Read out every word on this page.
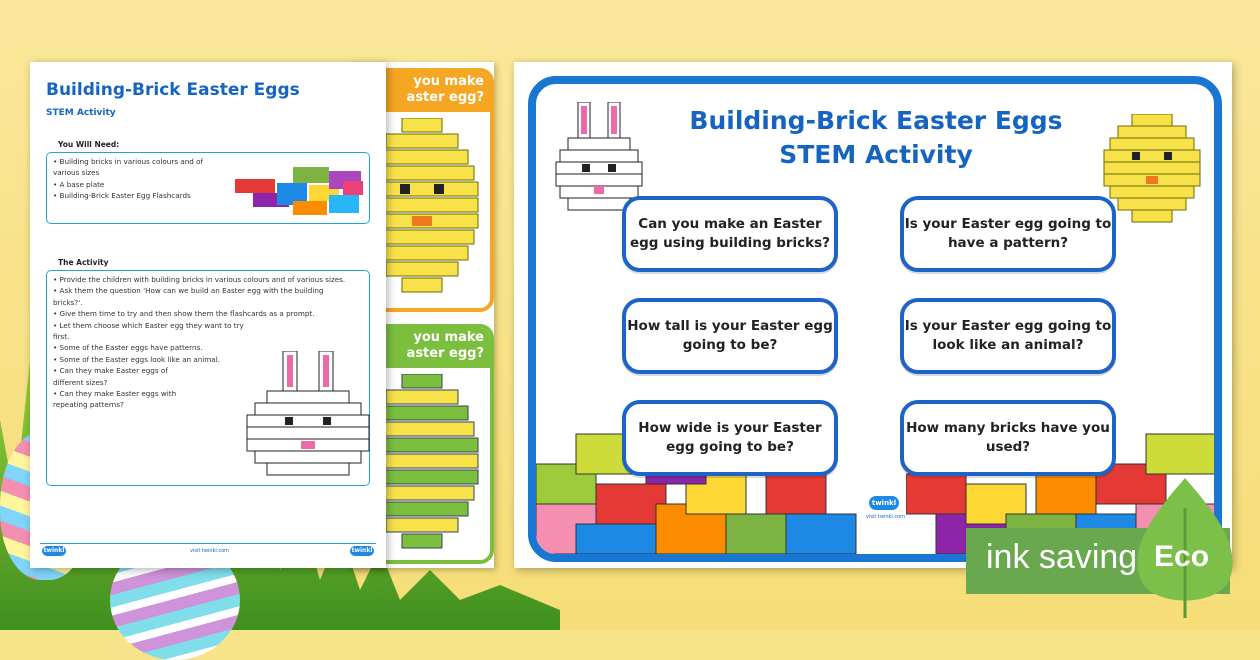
you make
aster egg?
you make
aster egg?
Building-Brick Easter Eggs
STEM Activity
You Will Need:
• Building bricks in various colours and of various sizes
• A base plate
• Building-Brick Easter Egg Flashcards
The Activity
• Provide the children with building bricks in various colours and of various sizes.
• Ask them the question 'How can we build an Easter egg with the building bricks?'.
• Give them time to try and then show them the flashcards as a prompt.
• Let them choose which Easter egg they want to try first.
• Some of the Easter eggs have patterns.
• Some of the Easter eggs look like an animal.
• Can they make Easter eggs of different sizes?
• Can they make Easter eggs with repeating patterns?
twinkl	visit twinkl.com	twinkl
Building-Brick Easter Eggs
STEM Activity
Can you make an Easter egg using building bricks?
Is your Easter egg going to have a pattern?
How tall is your Easter egg going to be?
Is your Easter egg going to look like an animal?
How wide is your Easter egg going to be?
How many bricks have you used?
twinkl
visit twinkl.com
ink saving Eco
